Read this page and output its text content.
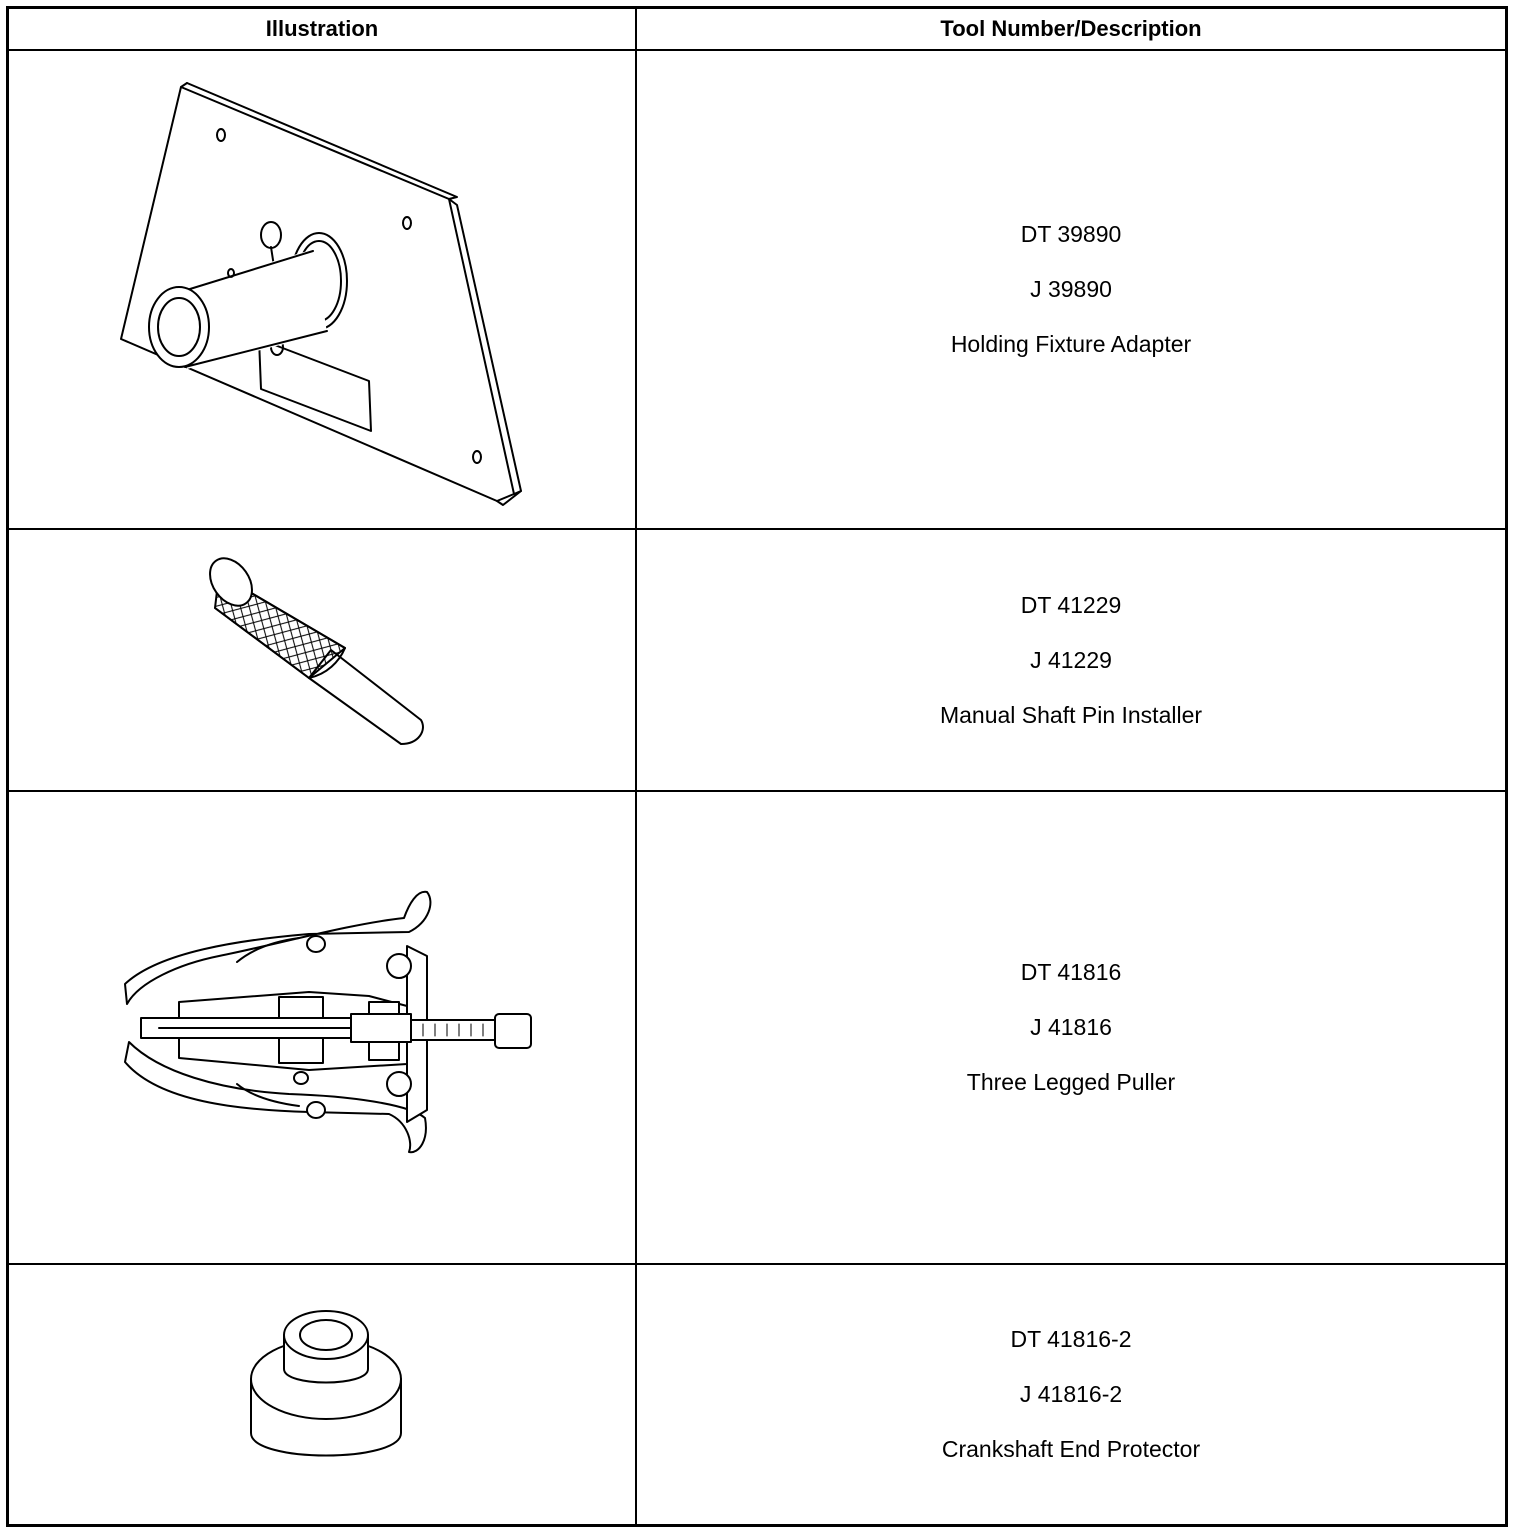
Illustration	Tool Number/Description
DT 39890
J 39890
Holding Fixture Adapter
DT 41229
J 41229
Manual Shaft Pin Installer
DT 41816
J 41816
Three Legged Puller
DT 41816-2
J 41816-2
Crankshaft End Protector
